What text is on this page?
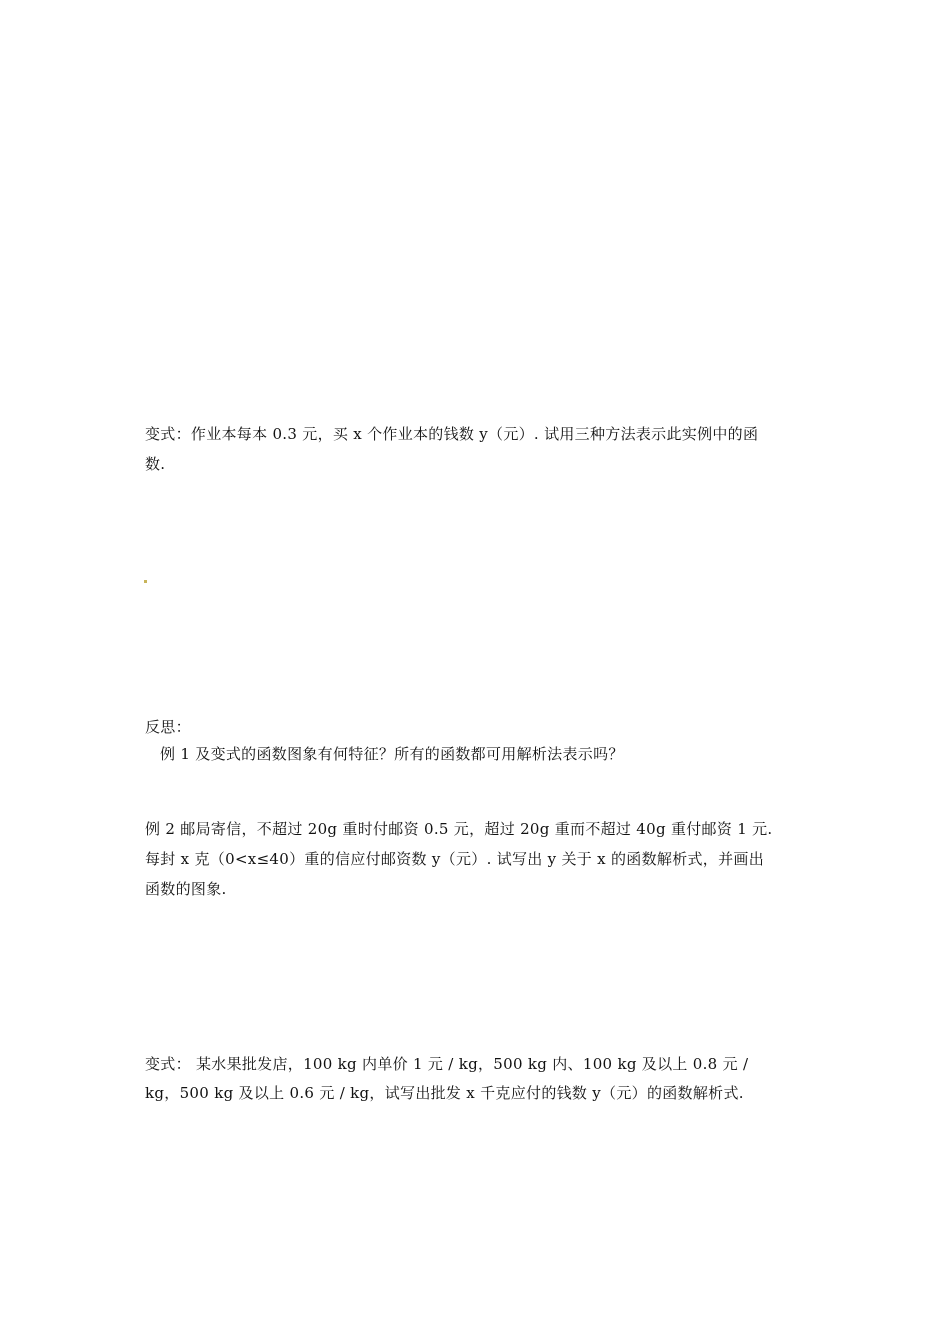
变式：作业本每本 0.3 元，买 x 个作业本的钱数 y（元）. 试用三种方法表示此实例中的函
数.
反思：
例 1 及变式的函数图象有何特征？所有的函数都可用解析法表示吗？
例 2 邮局寄信，不超过 20g 重时付邮资 0.5 元，超过 20g 重而不超过 40g 重付邮资 1 元.
每封 x 克（0<x≤40）重的信应付邮资数 y（元）. 试写出 y 关于 x 的函数解析式，并画出
函数的图象.
变式： 某水果批发店，100 kg 内单价 1 元 / kg，500 kg 内、100 kg 及以上 0.8 元 /
kg，500 kg 及以上 0.6 元 / kg，试写出批发 x 千克应付的钱数 y（元）的函数解析式.
